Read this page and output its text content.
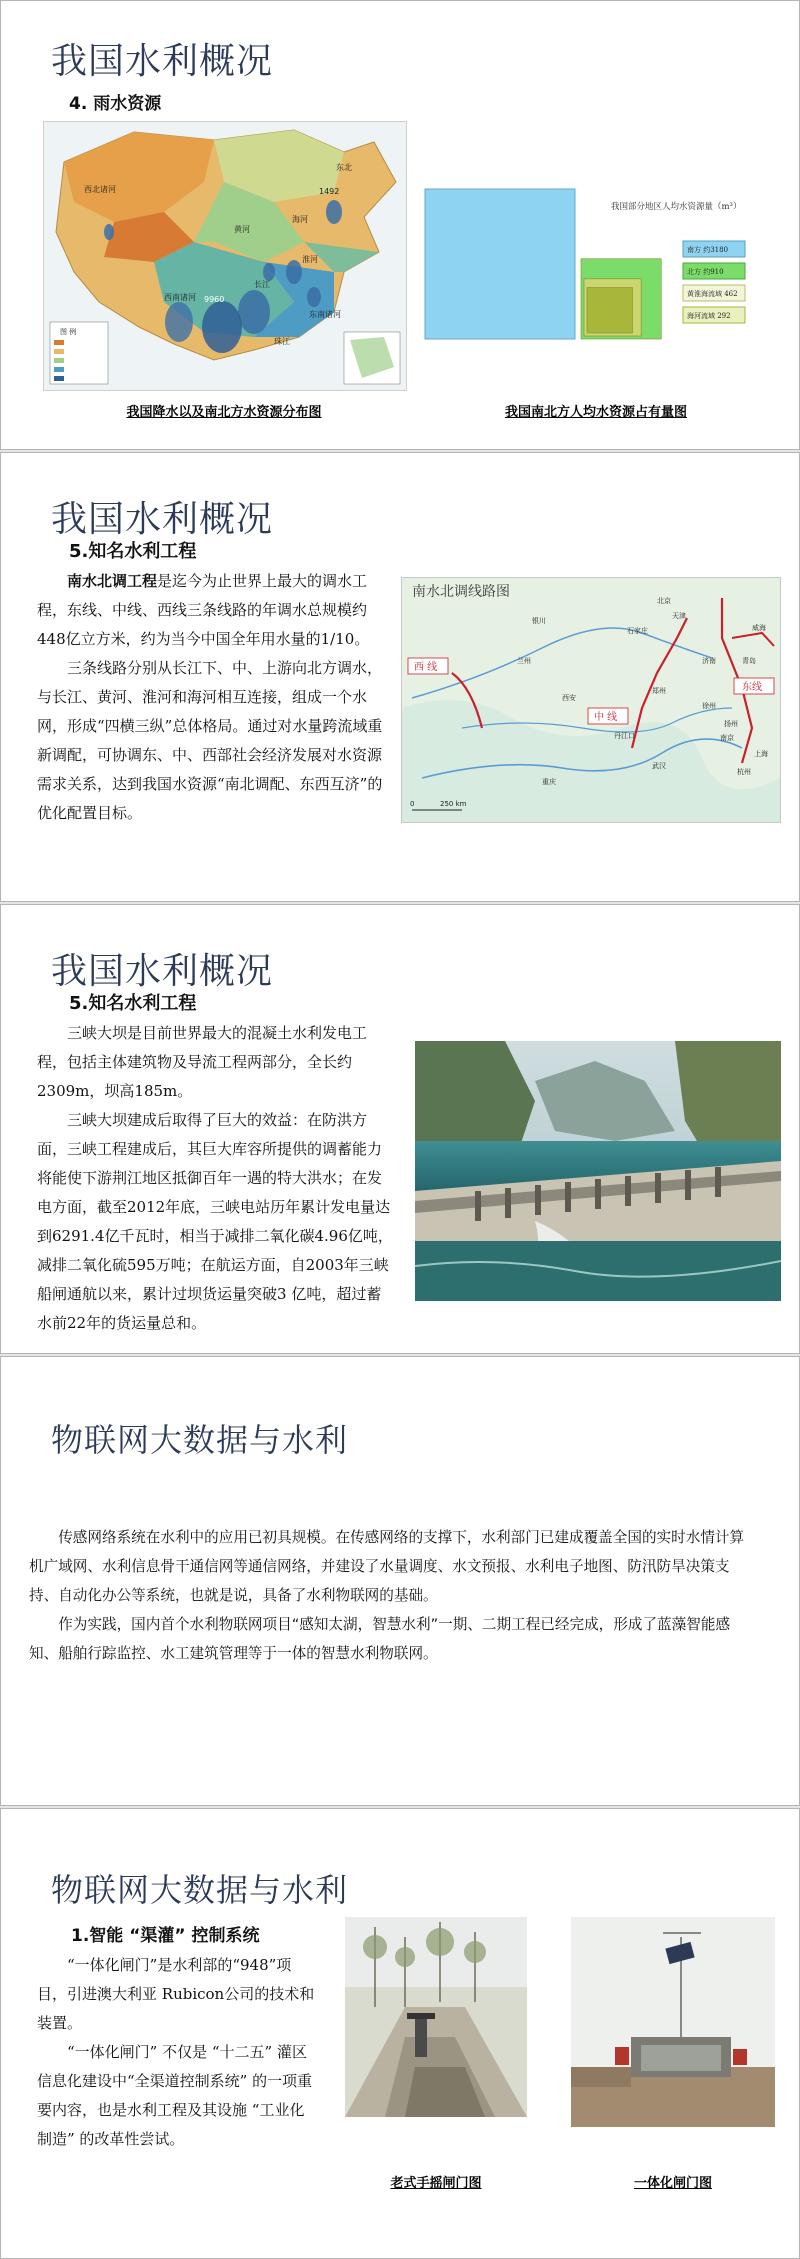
我国水利概况
4. 雨水资源
东北
西北诸河
黄河
长江
西南诸河
珠江
东南诸河
淮河
海河
1492
9960
图 例
我国降水以及南北方水资源分布图
我国部分地区人均水资源量（m³）
南方 约3180
北方 约910
黄淮海流域 462
海河流域 292
我国南北方人均水资源占有量图
我国水利概况
5.知名水利工程

南水北调工程是迄今为止世界上最大的调水工程，东线、中线、西线三条线路的年调水总规模约448亿立方米，约为当今中国全年用水量的1/10。

三条线路分别从长江下、中、上游向北方调水，与长江、黄河、淮河和海河相互连接，组成一个水网，形成“四横三纵”总体格局。通过对水量跨流域重新调配，可协调东、中、西部社会经济发展对水资源需求关系，达到我国水资源“南北调配、东西互济”的优化配置目标。

西 线
中 线
东线
南水北调线路图
北京
天津
石家庄
济南
西安
郑州
武汉
南京
上海
杭州
重庆
兰州
银川
丹江口
威海
青岛
徐州
扬州
0	250 km
我国水利概况
5.知名水利工程

三峡大坝是目前世界最大的混凝土水利发电工程，包括主体建筑物及导流工程两部分，全长约2309m，坝高185m。

三峡大坝建成后取得了巨大的效益：在防洪方面，三峡工程建成后，其巨大库容所提供的调蓄能力将能使下游荆江地区抵御百年一遇的特大洪水；在发电方面，截至2012年底，三峡电站历年累计发电量达到6291.4亿千瓦时，相当于减排二氧化碳4.96亿吨，减排二氧化硫595万吨；在航运方面，自2003年三峡船闸通航以来，累计过坝货运量突破3 亿吨，超过蓄水前22年的货运量总和。

物联网大数据与水利

传感网络系统在水利中的应用已初具规模。在传感网络的支撑下，水利部门已建成覆盖全国的实时水情计算机广域网、水利信息骨干通信网等通信网络，并建设了水量调度、水文预报、水利电子地图、防汛防旱决策支持、自动化办公等系统，也就是说，具备了水利物联网的基础。

作为实践，国内首个水利物联网项目“感知太湖，智慧水利”一期、二期工程已经完成，形成了蓝藻智能感知、船舶行踪监控、水工建筑管理等于一体的智慧水利物联网。

物联网大数据与水利
1.智能 “渠灌” 控制系统

“一体化闸门”是水利部的“948”项目，引进澳大利亚 Rubicon公司的技术和装置。

“一体化闸门” 不仅是 “十二五” 灌区信息化建设中“全渠道控制系统” 的一项重要内容，也是水利工程及其设施 “工业化制造” 的改革性尝试。

老式手摇闸门图	一体化闸门图
